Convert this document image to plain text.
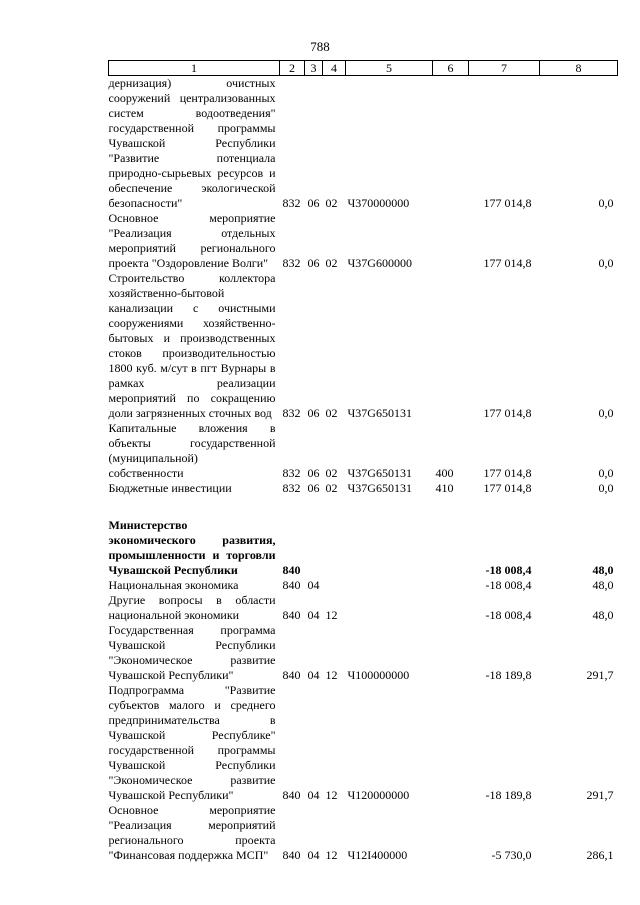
788
1	2	3	4	5	6	7	8
дернизация) очистных сооружений централизованных систем водоотведения" государственной программы Чувашской Республики "Развитие потенциала природно-сырьевых ресурсов и обеспечение экологической безопасности"	832	06	02	Ч370000000		177 014,8	0,0
Основное мероприятие "Реализация отдельных мероприятий регионального проекта "Оздоровление Волги"	832	06	02	Ч37G600000		177 014,8	0,0
Строительство коллектора хозяйственно-бытовой канализации с очистными сооружениями хозяйственно-бытовых и производственных стоков производительностью 1800 куб. м/сут в пгт Вурнары в рамках реализации мероприятий по сокращению доли загрязненных сточных вод	832	06	02	Ч37G650131		177 014,8	0,0
Капитальные вложения в объекты государственной (муниципальной) собственности	832	06	02	Ч37G650131	400	177 014,8	0,0
Бюджетные инвестиции	832	06	02	Ч37G650131	410	177 014,8	0,0

Министерство экономического развития, промышленности и торговли Чувашской Республики	840					-18 008,4	48,0
Национальная экономика	840	04				-18 008,4	48,0
Другие вопросы в области национальной экономики	840	04	12			-18 008,4	48,0
Государственная программа Чувашской Республики "Экономическое развитие Чувашской Республики"	840	04	12	Ч100000000		-18 189,8	291,7
Подпрограмма "Развитие субъектов малого и среднего предпринимательства в Чувашской Республике" государственной программы Чувашской Республики "Экономическое развитие Чувашской Республики"	840	04	12	Ч120000000		-18 189,8	291,7
Основное мероприятие "Реализация мероприятий регионального проекта "Финансовая поддержка МСП"	840	04	12	Ч12I400000		-5 730,0	286,1
